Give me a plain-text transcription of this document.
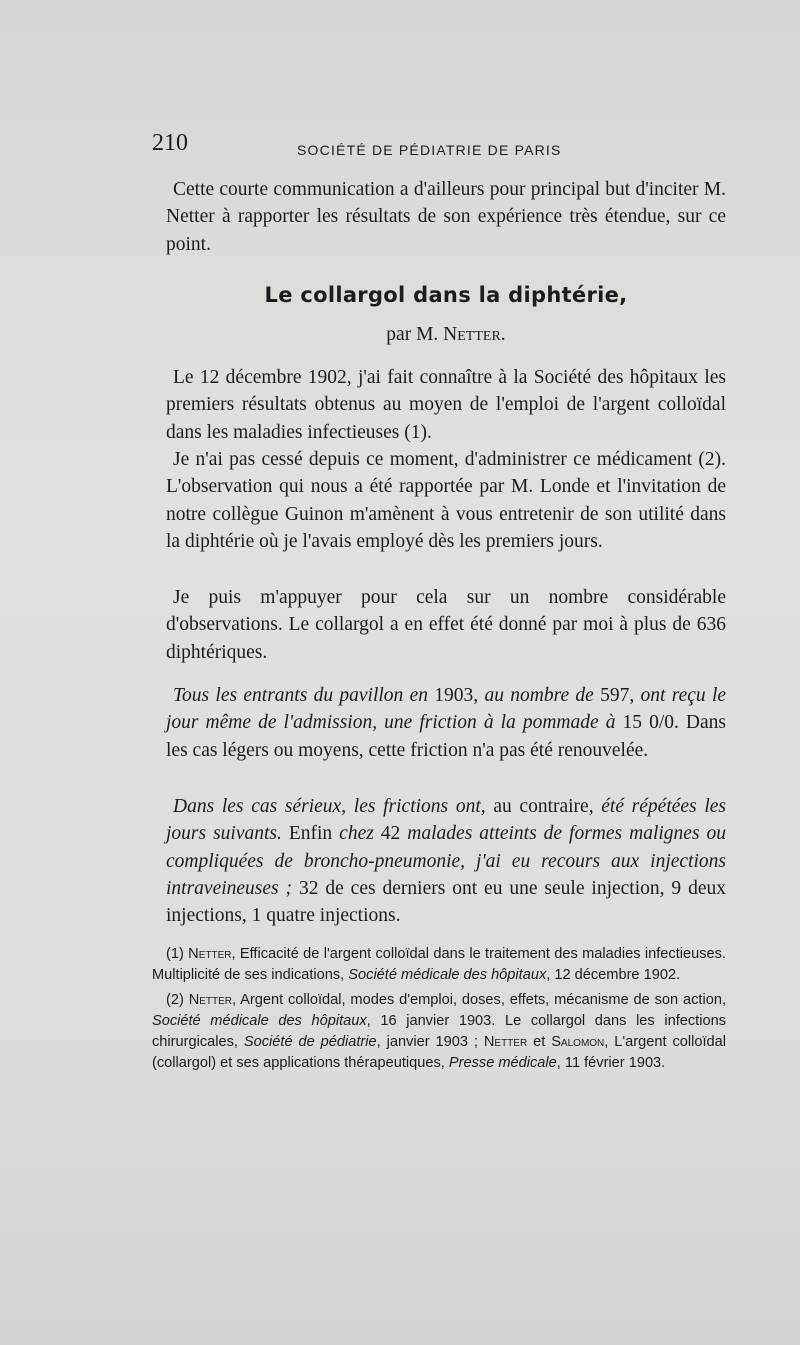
210	SOCIÉTÉ DE PÉDIATRIE DE PARIS

Cette courte communication a d'ailleurs pour principal but d'inciter M. Netter à rapporter les résultats de son expérience très étendue, sur ce point.

Le collargol dans la diphtérie,

par M. Netter.

Le 12 décembre 1902, j'ai fait connaître à la Société des hôpitaux les premiers résultats obtenus au moyen de l'emploi de l'argent colloïdal dans les maladies infectieuses (1).

Je n'ai pas cessé depuis ce moment, d'administrer ce médicament (2). L'observation qui nous a été rapportée par M. Londe et l'invitation de notre collègue Guinon m'amènent à vous entretenir de son utilité dans la diphtérie où je l'avais employé dès les premiers jours.

Je puis m'appuyer pour cela sur un nombre considérable d'observations. Le collargol a en effet été donné par moi à plus de 636 diphtériques.

Tous les entrants du pavillon en 1903, au nombre de 597, ont reçu le jour même de l'admission, une friction à la pommade à 15 0/0. Dans les cas légers ou moyens, cette friction n'a pas été renouvelée.

Dans les cas sérieux, les frictions ont, au contraire, été répétées les jours suivants. Enfin chez 42 malades atteints de formes malignes ou compliquées de broncho-pneumonie, j'ai eu recours aux injections intraveineuses ; 32 de ces derniers ont eu une seule injection, 9 deux injections, 1 quatre injections.

(1) Netter, Efficacité de l'argent colloïdal dans le traitement des maladies infectieuses. Multiplicité de ses indications, Société médicale des hôpitaux, 12 décembre 1902.

(2) Netter, Argent colloïdal, modes d'emploi, doses, effets, mécanisme de son action, Société médicale des hôpitaux, 16 janvier 1903. Le collargol dans les infections chirurgicales, Société de pédiatrie, janvier 1903 ; Netter et Salomon, L'argent colloïdal (collargol) et ses applications thérapeutiques, Presse médicale, 11 février 1903.
